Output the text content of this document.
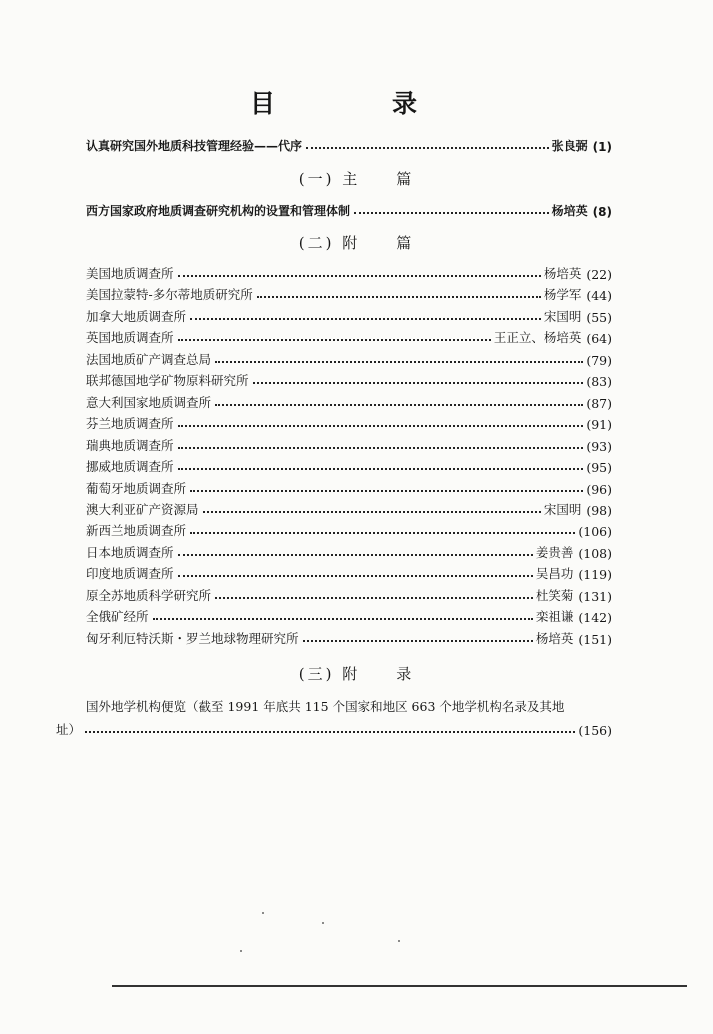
目　录
认真研究国外地质科技管理经验——代序	张良弼 (1)
(一) 主　　篇
西方国家政府地质调查研究机构的设置和管理体制	杨培英 (8)
(二) 附　　篇
美国地质调查所	杨培英 (22)
美国拉蒙特-多尔蒂地质研究所	杨学军 (44)
加拿大地质调查所	宋国明 (55)
英国地质调查所	王正立、杨培英 (64)
法国地质矿产调查总局	(79)
联邦德国地学矿物原料研究所	(83)
意大利国家地质调查所	(87)
芬兰地质调查所	(91)
瑞典地质调查所	(93)
挪威地质调查所	(95)
葡萄牙地质调查所	(96)
澳大利亚矿产资源局	宋国明 (98)
新西兰地质调查所	(106)
日本地质调查所	姜贵善 (108)
印度地质调查所	吴昌功 (119)
原全苏地质科学研究所	杜笑菊 (131)
全俄矿经所	栾祖谦 (142)
匈牙利厄特沃斯・罗兰地球物理研究所	杨培英 (151)
(三) 附　　录
国外地学机构便览（截至 1991 年底共 115 个国家和地区 663 个地学机构名录及其地
址）	(156)
